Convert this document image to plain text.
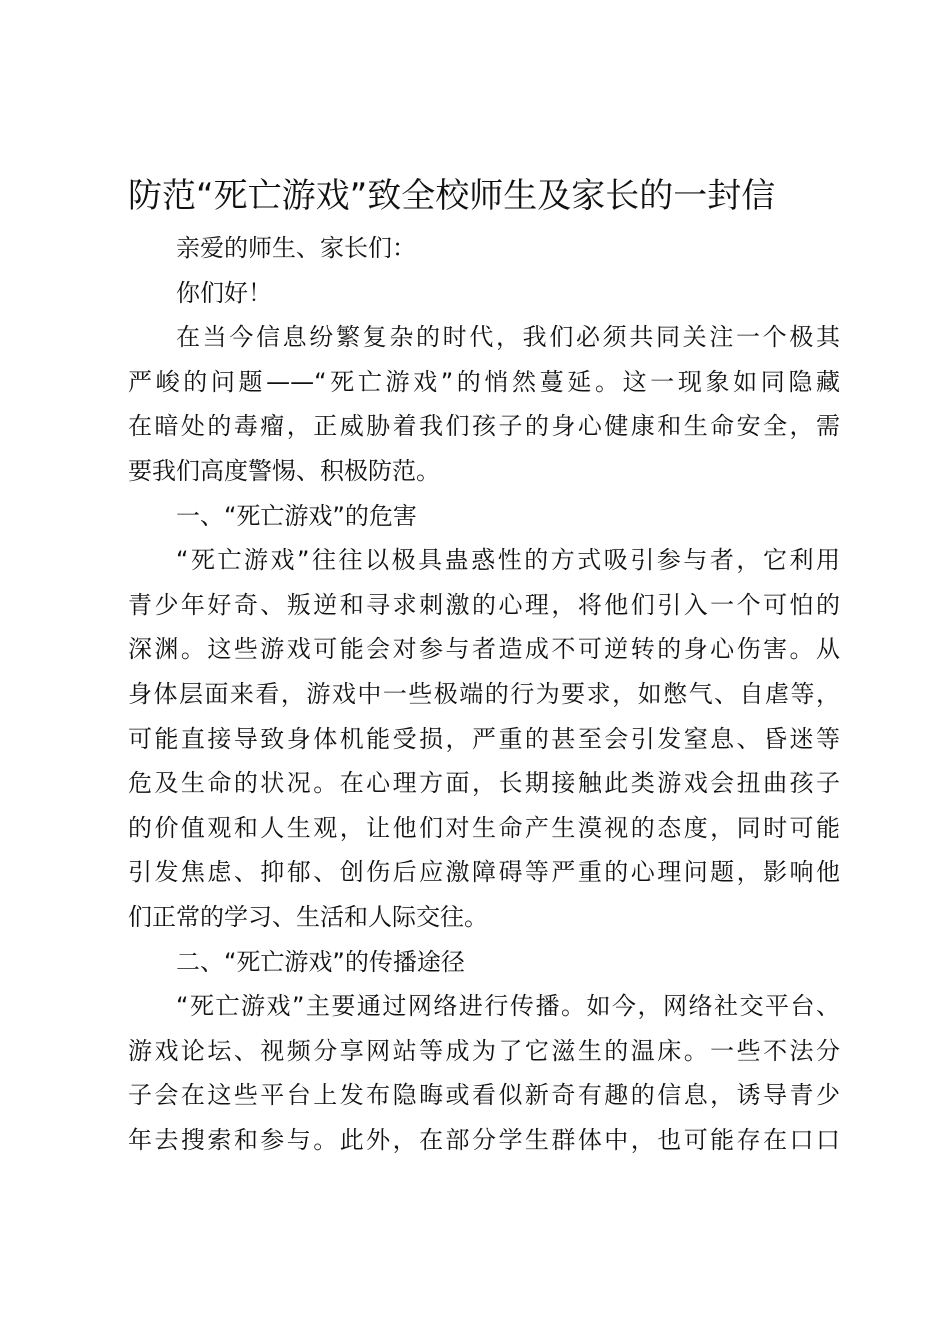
防范“死亡游戏”致全校师生及家长的一封信
亲爱的师生、家长们：
你们好！
在当今信息纷繁复杂的时代，我们必须共同关注一个极其
严峻的问题——“死亡游戏”的悄然蔓延。这一现象如同隐藏
在暗处的毒瘤，正威胁着我们孩子的身心健康和生命安全，需
要我们高度警惕、积极防范。
一、“死亡游戏”的危害
“死亡游戏”往往以极具蛊惑性的方式吸引参与者，它利用
青少年好奇、叛逆和寻求刺激的心理，将他们引入一个可怕的
深渊。这些游戏可能会对参与者造成不可逆转的身心伤害。从
身体层面来看，游戏中一些极端的行为要求，如憋气、自虐等，
可能直接导致身体机能受损，严重的甚至会引发窒息、昏迷等
危及生命的状况。在心理方面，长期接触此类游戏会扭曲孩子
的价值观和人生观，让他们对生命产生漠视的态度，同时可能
引发焦虑、抑郁、创伤后应激障碍等严重的心理问题，影响他
们正常的学习、生活和人际交往。
二、“死亡游戏”的传播途径
“死亡游戏”主要通过网络进行传播。如今，网络社交平台、
游戏论坛、视频分享网站等成为了它滋生的温床。一些不法分
子会在这些平台上发布隐晦或看似新奇有趣的信息，诱导青少
年去搜索和参与。此外，在部分学生群体中，也可能存在口口
